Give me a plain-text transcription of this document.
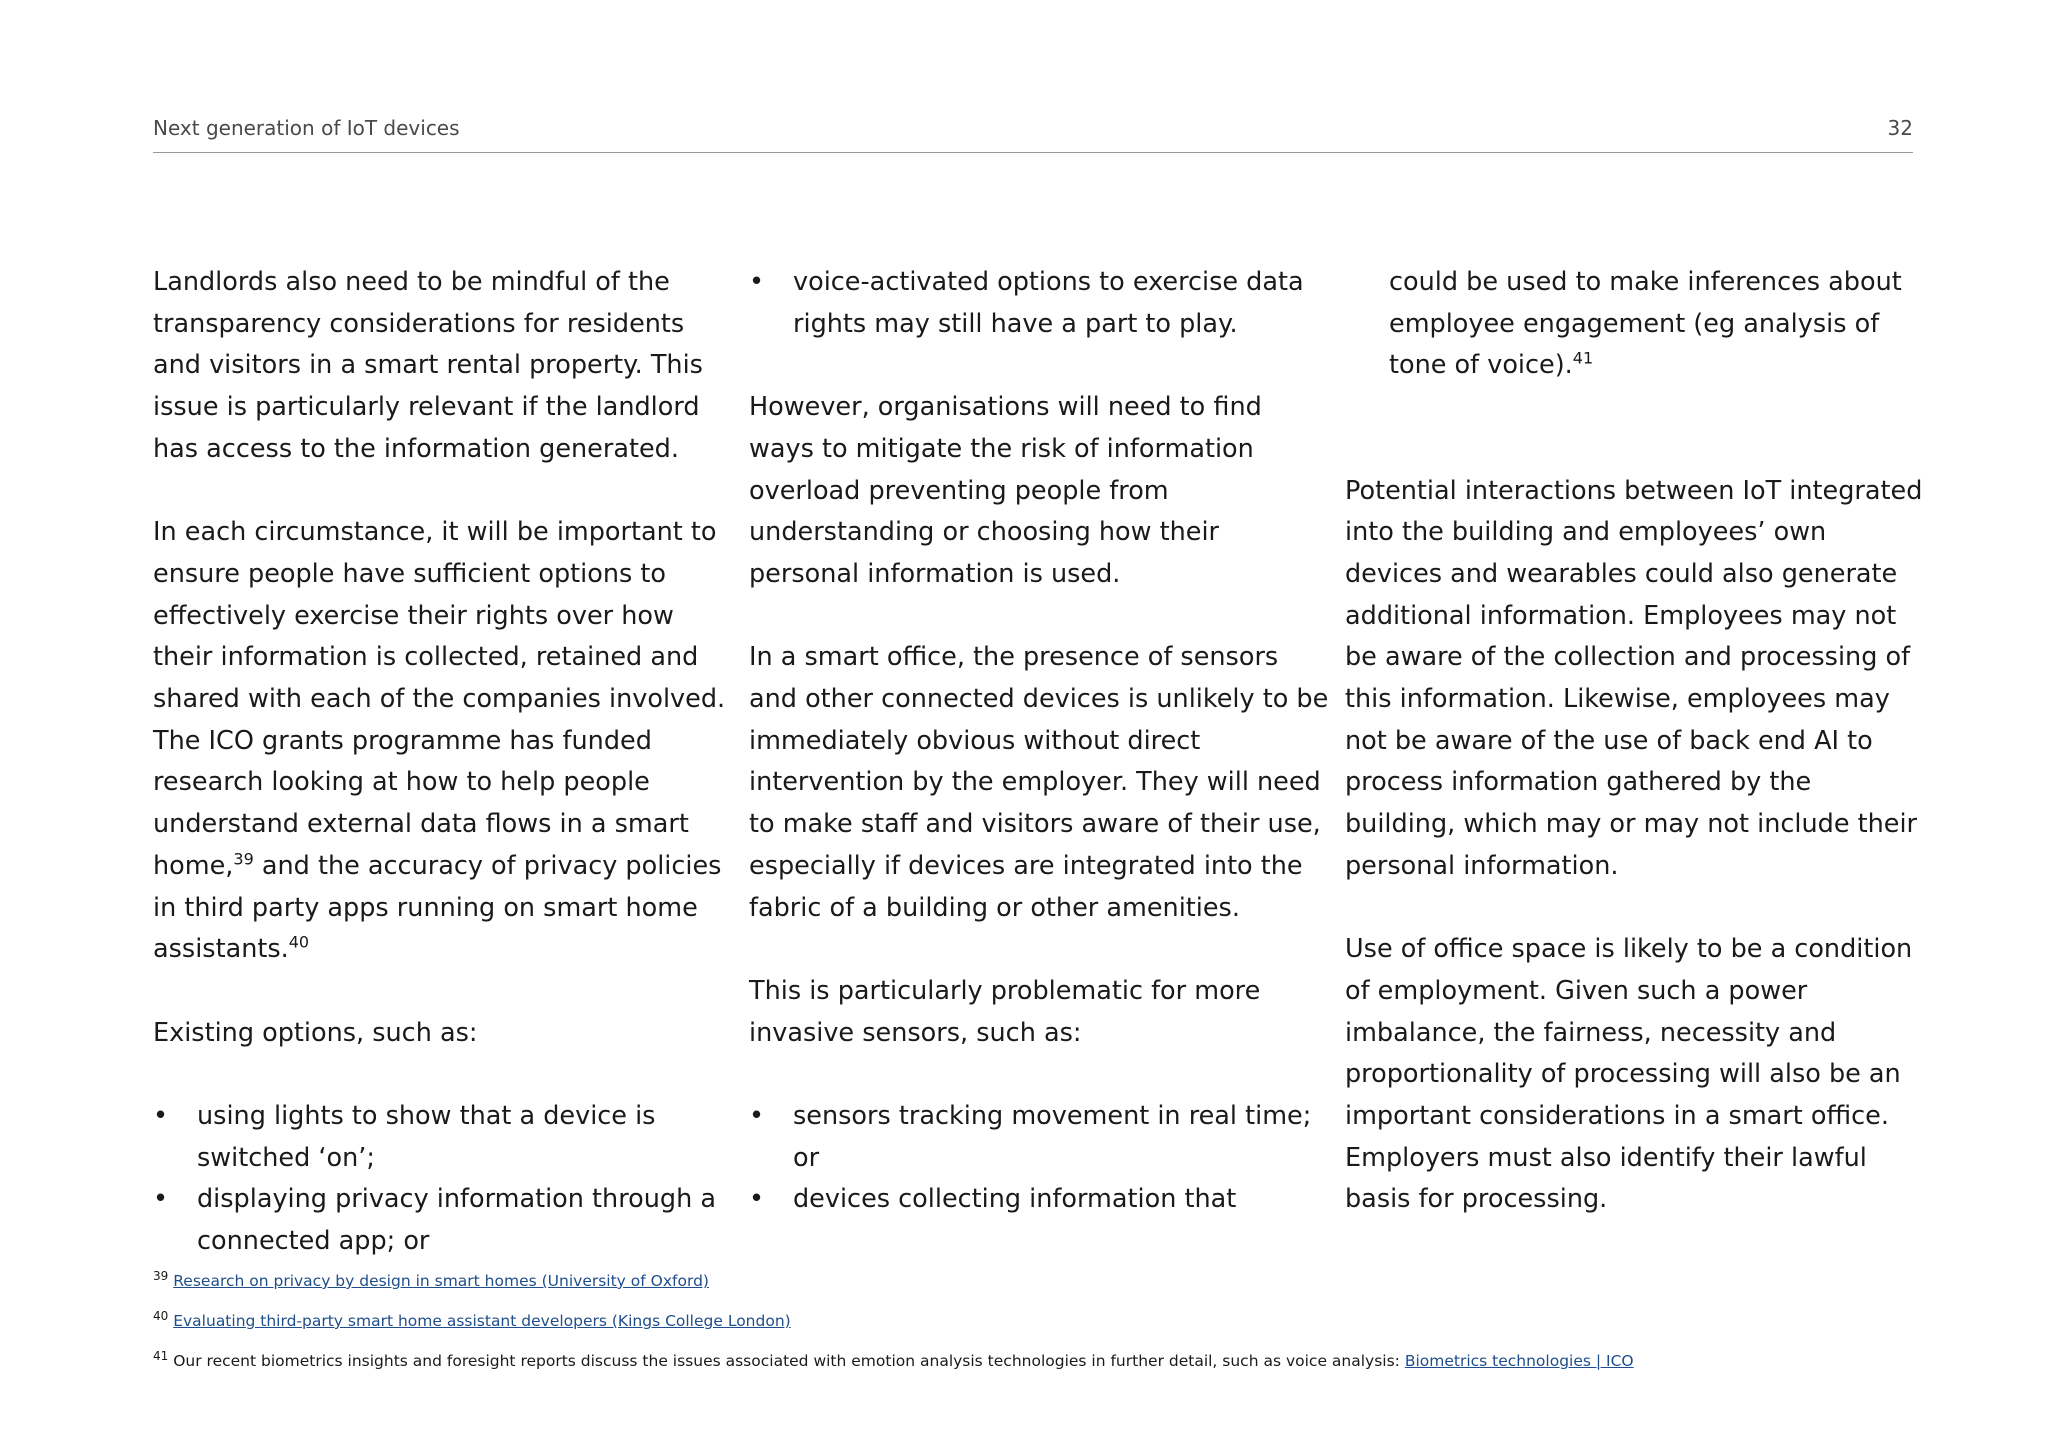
Next generation of IoT devices	32

Landlords also need to be mindful of the transparency considerations for residents and visitors in a smart rental property. This issue is particularly relevant if the landlord has access to the information generated.

In each circumstance, it will be important to ensure people have sufficient options to effectively exercise their rights over how their information is collected, retained and shared with each of the companies involved. The ICO grants programme has funded research looking at how to help people understand external data flows in a smart home,$^{39}$ and the accuracy of privacy policies in third party apps running on smart home assistants.$^{40}$

Existing options, such as:

• using lights to show that a device is switched ‘on’;
• displaying privacy information through a connected app; or
• voice-activated options to exercise data rights may still have a part to play.

However, organisations will need to find ways to mitigate the risk of information overload preventing people from understanding or choosing how their personal information is used.

In a smart office, the presence of sensors and other connected devices is unlikely to be immediately obvious without direct intervention by the employer. They will need to make staff and visitors aware of their use, especially if devices are integrated into the fabric of a building or other amenities.

This is particularly problematic for more invasive sensors, such as:

• sensors tracking movement in real time; or
• devices collecting information that

could be used to make inferences about employee engagement (eg analysis of tone of voice).$^{41}$

Potential interactions between IoT integrated into the building and employees’ own devices and wearables could also generate additional information. Employees may not be aware of the collection and processing of this information. Likewise, employees may not be aware of the use of back end AI to process information gathered by the building, which may or may not include their personal information.

Use of office space is likely to be a condition of employment. Given such a power imbalance, the fairness, necessity and proportionality of processing will also be an important considerations in a smart office. Employers must also identify their lawful basis for processing.

$^{39}$ Research on privacy by design in smart homes (University of Oxford)
$^{40}$ Evaluating third-party smart home assistant developers (Kings College London)
$^{41}$ Our recent biometrics insights and foresight reports discuss the issues associated with emotion analysis technologies in further detail, such as voice analysis: Biometrics technologies | ICO
